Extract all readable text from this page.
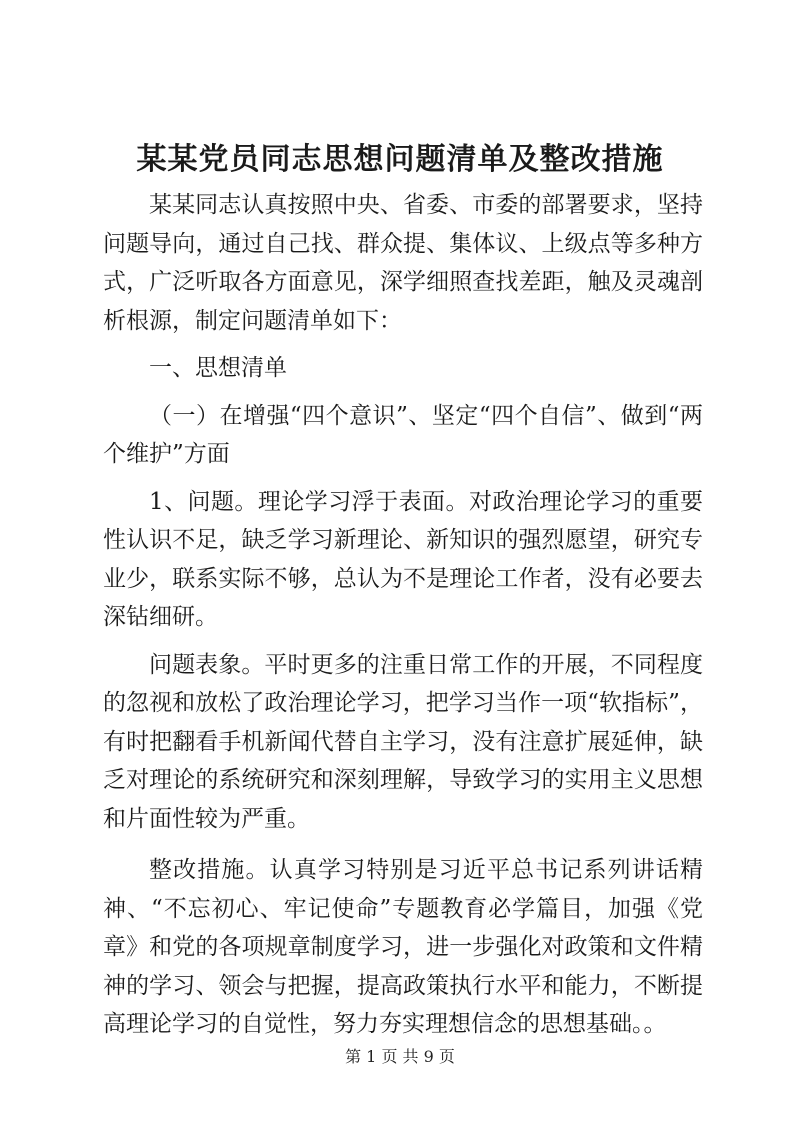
某某党员同志思想问题清单及整改措施

某某同志认真按照中央、省委、市委的部署要求，坚持问题导向，通过自己找、群众提、集体议、上级点等多种方式，广泛听取各方面意见，深学细照查找差距，触及灵魂剖析根源，制定问题清单如下：

一、思想清单

（一）在增强“四个意识”、坚定“四个自信”、做到“两个维护”方面

1、问题。理论学习浮于表面。对政治理论学习的重要性认识不足，缺乏学习新理论、新知识的强烈愿望，研究专业少，联系实际不够，总认为不是理论工作者，没有必要去深钻细研。

问题表象。平时更多的注重日常工作的开展，不同程度的忽视和放松了政治理论学习，把学习当作一项“软指标”，有时把翻看手机新闻代替自主学习，没有注意扩展延伸，缺乏对理论的系统研究和深刻理解，导致学习的实用主义思想和片面性较为严重。

整改措施。认真学习特别是习近平总书记系列讲话精神、“不忘初心、牢记使命”专题教育必学篇目，加强《党章》和党的各项规章制度学习，进一步强化对政策和文件精神的学习、领会与把握，提高政策执行水平和能力，不断提高理论学习的自觉性，努力夯实理想信念的思想基础。。

第 1 页 共 9 页
